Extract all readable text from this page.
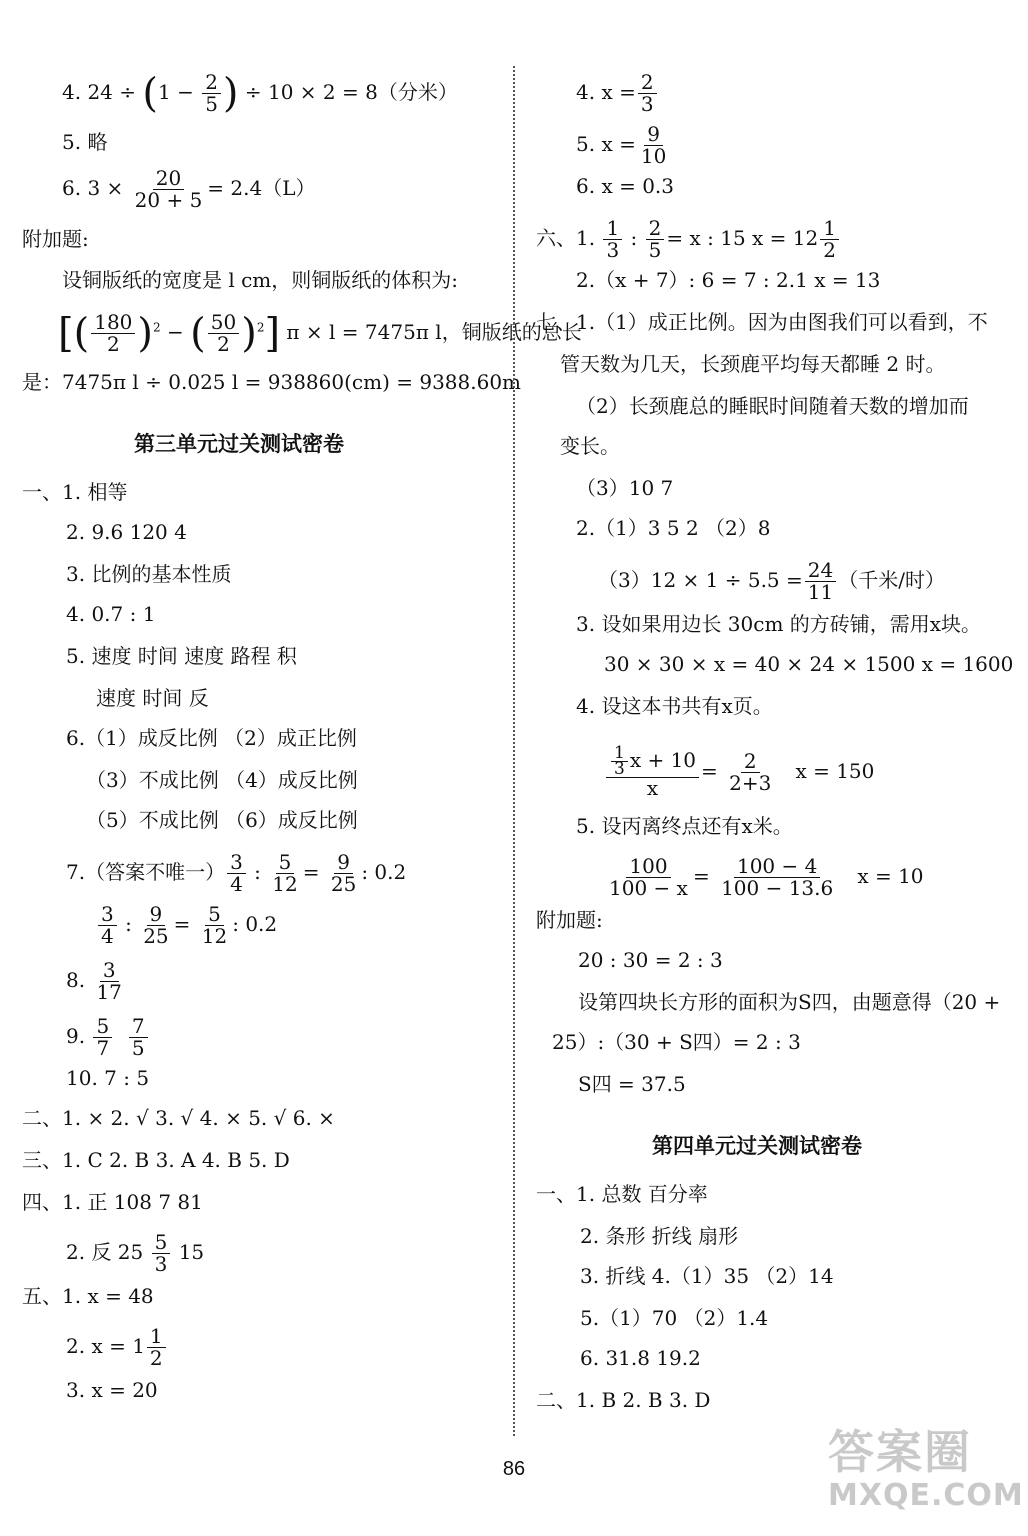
4. $24 \div (1 - \frac{2}{5}$ ) ÷ 10 × 2 = 8（分米）
5. 略
6. $3 \times \frac{20}{20 + 5} = 2.4(L)$
附加题:
设铜版纸的宽度是 l cm，则铜版纸的体积为:
[( $\frac{180}{2} )^2$ − ( $\frac{50}{2} )^2$] π × l = 7475π l，铜版纸的总长
是：7475π l ÷ 0.025 l = 938860(cm) = 9388.60m
第三单元过关测试密卷
一、1. 相等
2. 9.6 120 4
3. 比例的基本性质
4. 0.7 : 1
5. 速度 时间 速度 路程 积
速度 时间 反
6.（1）成反比例 （2）成正比例
（3）不成比例 （4）成反比例
（5）不成比例 （6）成反比例
7.（答案不唯一） $\frac{3}{4}$ : $\frac{5}{12} = \frac{9}{25}$ : 0.2
$\frac{3}{4}$ : $\frac{9}{25} = \frac{5}{12}$ : 0.2
8. $\frac{3}{17}$
9. $\frac{5}{7}$
$\frac{7}{5}$
10. 7 : 5
二、1. × 2. √ 3. √ 4. × 5. √ 6. ×
三、1. C 2. B 3. A 4. B 5. D
四、1. 正 108 7 81
2. 反 $25 \frac{5}{3} 15$
五、1. x = 48
2. $x = 1 \frac{1}{2}$
3. x = 20
4. $x = \frac{2}{3}$
5. $x = \frac{9}{10}$
6. x = 0.3
六、1. $\frac{1}{3}$ : $\frac{2}{5} = x$ : 15 $x = 12 \frac{1}{2}$
2.（x + 7）: 6 = 7 : 2.1 x = 13
七、1.（1）成正比例。因为由图我们可以看到，不
管天数为几天，长颈鹿平均每天都睡 2 时。
（2）长颈鹿总的睡眠时间随着天数的增加而
变长。
（3）10 7
2.（1）3 5 2 （2）8
$(3)12 \times 1 \div 5.5 = \frac{24}{11}$ （千米/时）
3. 设如果用边长 30cm 的方砖铺，需用x块。
30 × 30 × x = 40 × 24 × 1500 x = 1600
4. 设这本书共有x页。
$\frac{\frac{1}{3} x + 10}{x} = \frac{2}{2+3}$ x = 150
5. 设丙离终点还有x米。
$\frac{100}{100 - x} = \frac{100 - 4}{100 - 13.6}$ x = 10
附加题:
20 : 30 = 2 : 3
设第四块长方形的面积为S四，由题意得（20 +
25）:（30 + S四）= 2 : 3
S四 = 37.5
第四单元过关测试密卷
一、1. 总数 百分率
2. 条形 折线 扇形
3. 折线 4.（1）35 （2）14
5.（1）70 （2）1.4
6. 31.8 19.2
二、1. B 2. B 3. D
86	答案圈
MXQE.COM
